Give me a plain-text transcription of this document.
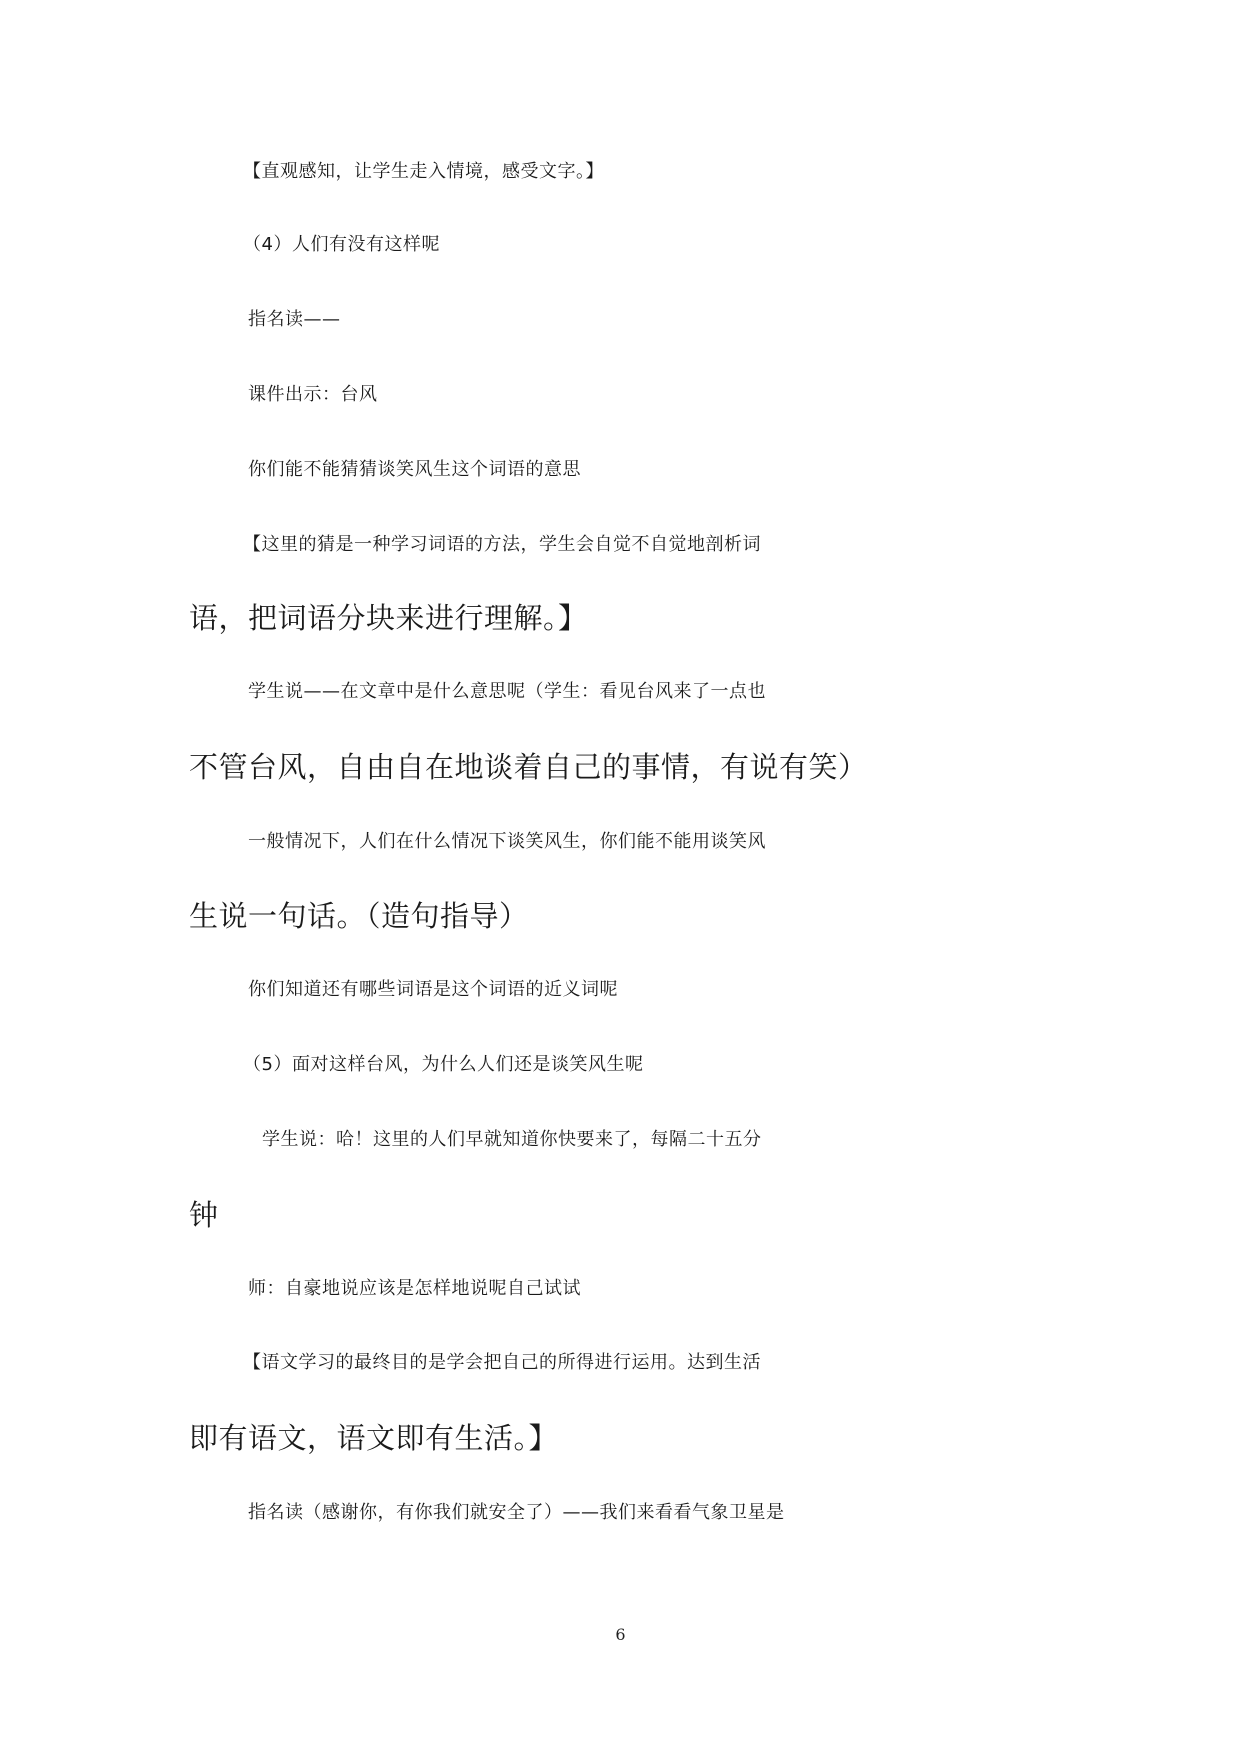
【直观感知，让学生走入情境，感受文字。】
（4）人们有没有这样呢
指名读——
课件出示：台风
你们能不能猜猜谈笑风生这个词语的意思
【这里的猜是一种学习词语的方法，学生会自觉不自觉地剖析词
语，把词语分块来进行理解。】
学生说——在文章中是什么意思呢（学生：看见台风来了一点也
不管台风，自由自在地谈着自己的事情，有说有笑）
一般情况下，人们在什么情况下谈笑风生，你们能不能用谈笑风
生说一句话。（造句指导）
你们知道还有哪些词语是这个词语的近义词呢
（5）面对这样台风，为什么人们还是谈笑风生呢
学生说：哈！这里的人们早就知道你快要来了，每隔二十五分
钟
师：自豪地说应该是怎样地说呢自己试试
【语文学习的最终目的是学会把自己的所得进行运用。达到生活
即有语文，语文即有生活。】
指名读（感谢你，有你我们就安全了）——我们来看看气象卫星是
6
